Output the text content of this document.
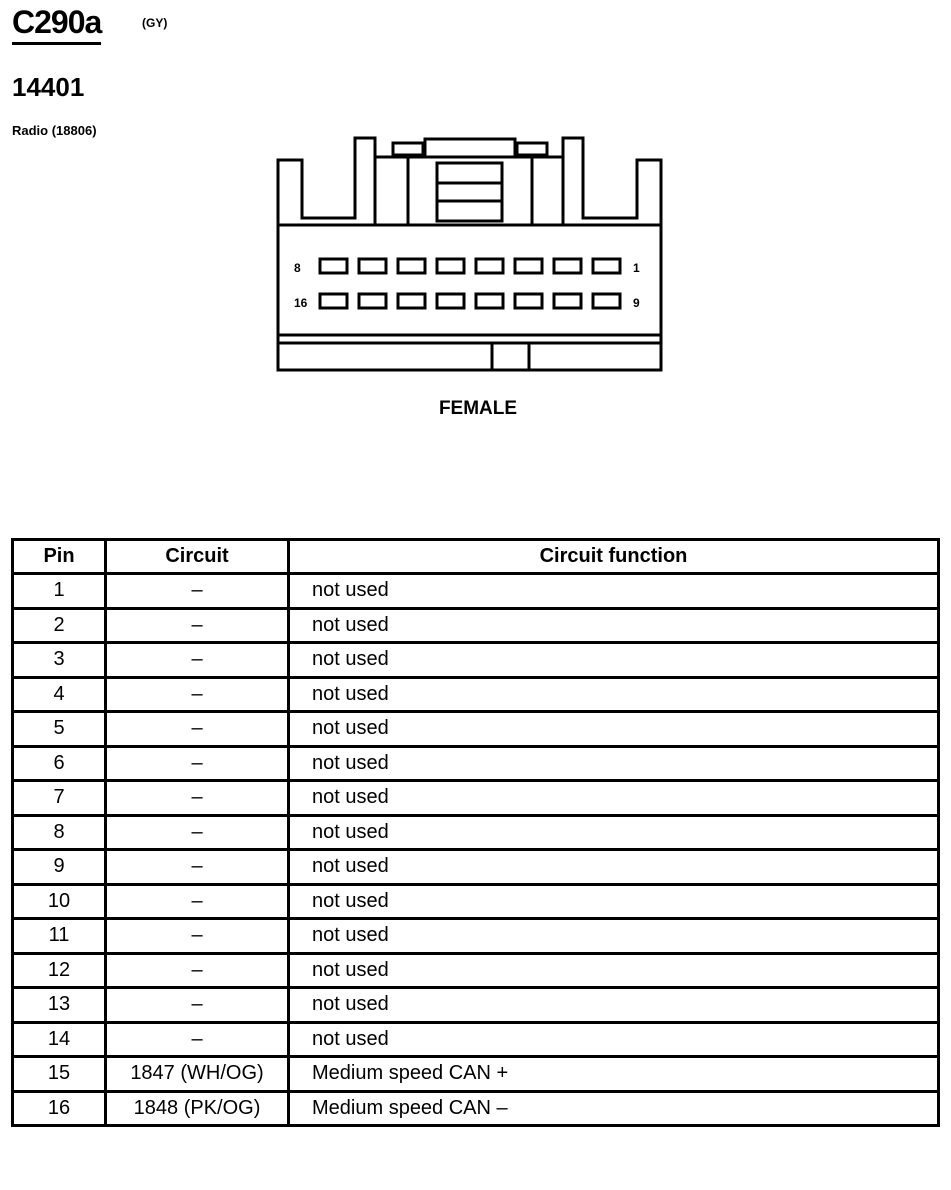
C290a	(GY)
14401
Radio (18806)
8	1
16	9
FEMALE
Pin	Circuit	Circuit function
1	–	not used
2	–	not used
3	–	not used
4	–	not used
5	–	not used
6	–	not used
7	–	not used
8	–	not used
9	–	not used
10	–	not used
11	–	not used
12	–	not used
13	–	not used
14	–	not used
15	1847 (WH/OG)	Medium speed CAN +
16	1848 (PK/OG)	Medium speed CAN –
